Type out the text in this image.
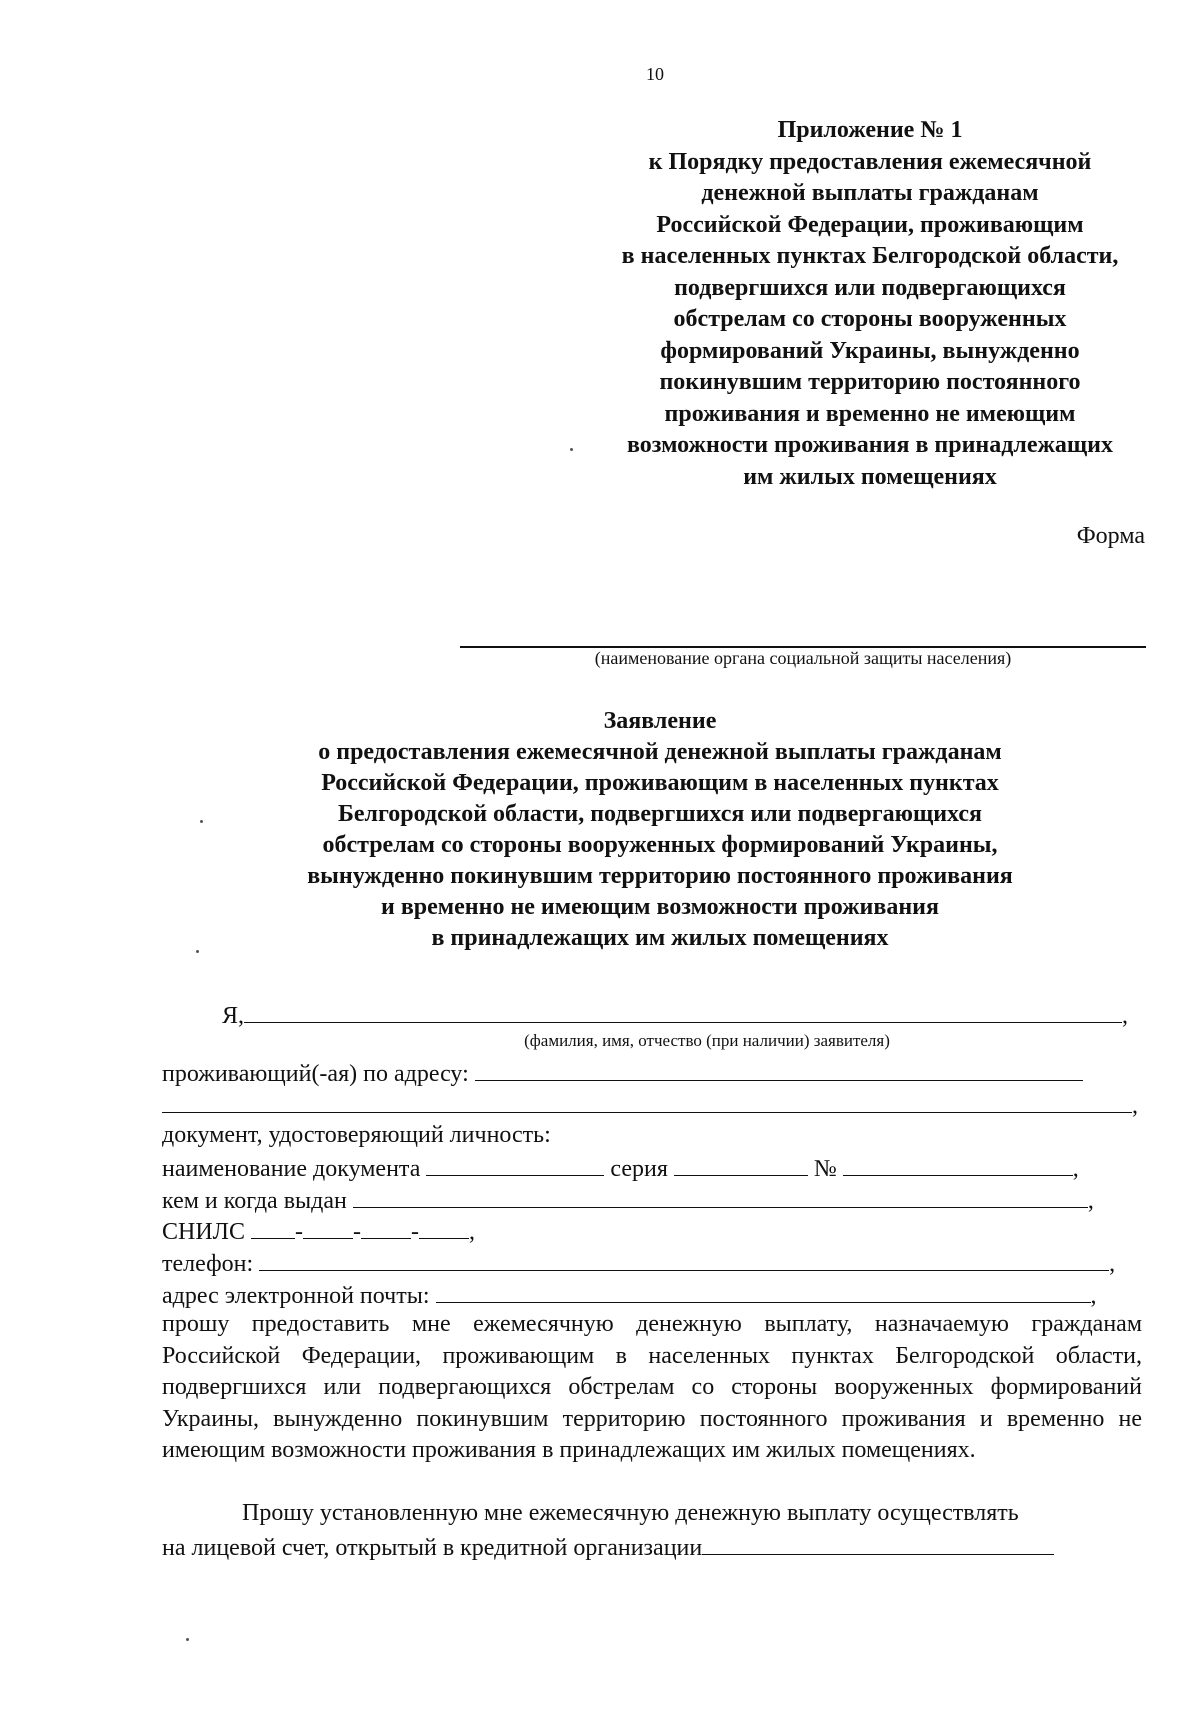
10
Приложение № 1
к Порядку предоставления ежемесячной
денежной выплаты гражданам
Российской Федерации, проживающим
в населенных пунктах Белгородской области,
подвергшихся или подвергающихся
обстрелам со стороны вооруженных
формирований Украины, вынужденно
покинувшим территорию постоянного
проживания и временно не имеющим
возможности проживания в принадлежащих
им жилых помещениях
Форма
(наименование органа социальной защиты населения)
Заявление
о предоставления ежемесячной денежной выплаты гражданам
Российской Федерации, проживающим в населенных пунктах
Белгородской области, подвергшихся или подвергающихся
обстрелам со стороны вооруженных формирований Украины,
вынужденно покинувшим территорию постоянного проживания
и временно не имеющим возможности проживания
в принадлежащих им жилых помещениях
Я,	,
(фамилия, имя, отчество (при наличии) заявителя)
проживающий(-ая) по адресу:
,
документ, удостоверяющий личность:
наименование документа	серия	№	,
кем и когда выдан	,
СНИЛС - - - ,
телефон:	,
адрес электронной почты:	,
прошу предоставить мне ежемесячную денежную выплату, назначаемую гражданам Российской Федерации, проживающим в населенных пунктах Белгородской области, подвергшихся или подвергающихся обстрелам со стороны вооруженных формирований Украины, вынужденно покинувшим территорию постоянного проживания и временно не имеющим возможности проживания в принадлежащих им жилых помещениях.
Прошу установленную мне ежемесячную денежную выплату осуществлять
на лицевой счет, открытый в кредитной организации
